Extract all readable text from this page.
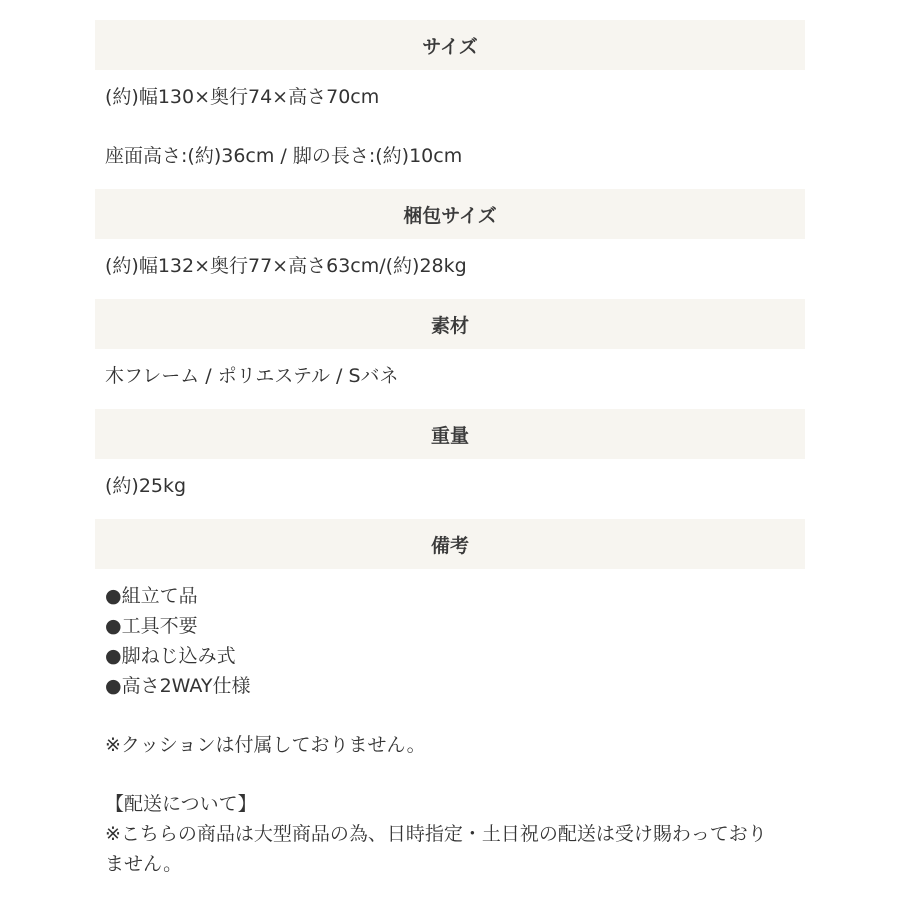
サイズ

(約)幅130×奥行74×高さ70cm

座面高さ:(約)36cm / 脚の長さ:(約)10cm

梱包サイズ

(約)幅132×奥行77×高さ63cm/(約)28kg

素材

木フレーム / ポリエステル / Sバネ

重量

(約)25kg

備考
●組立て品
●工具不要
●脚ねじ込み式
●高さ2WAY仕様

※クッションは付属しておりません。

【配送について】

※こちらの商品は大型商品の為、日時指定・土日祝の配送は受け賜わっており

ません。
